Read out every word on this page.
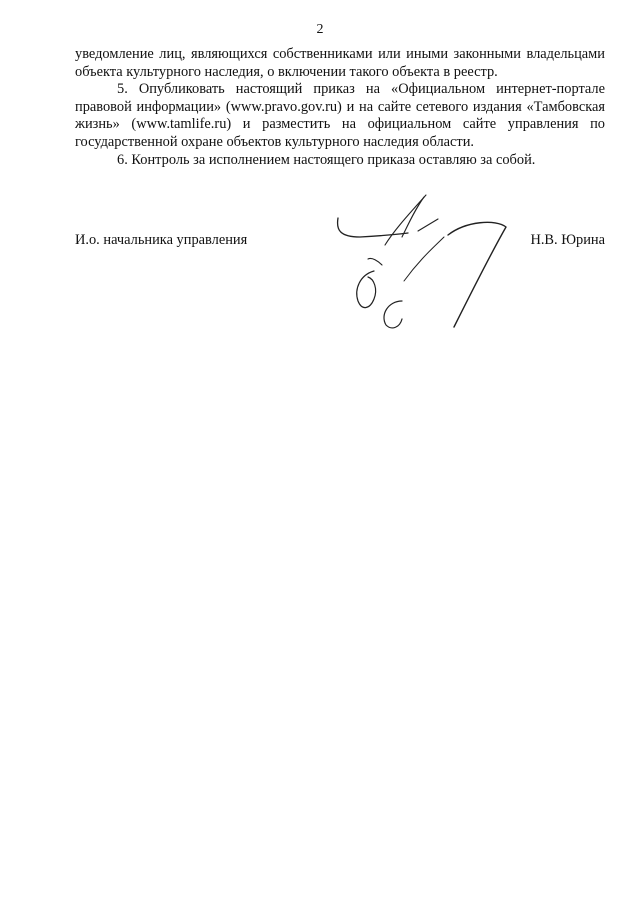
2

уведомление лиц, являющихся собственниками или иными законными владельцами объекта культурного наследия, о включении такого объекта в реестр.

5. Опубликовать настоящий приказ на «Официальном интернет-портале правовой информации» (www.pravo.gov.ru) и на сайте сетевого издания «Тамбовская жизнь» (www.tamlife.ru) и разместить на официальном сайте управления по государственной охране объектов культурного наследия области.

6. Контроль за исполнением настоящего приказа оставляю за собой.

И.о. начальника управления	Н.В. Юрина
